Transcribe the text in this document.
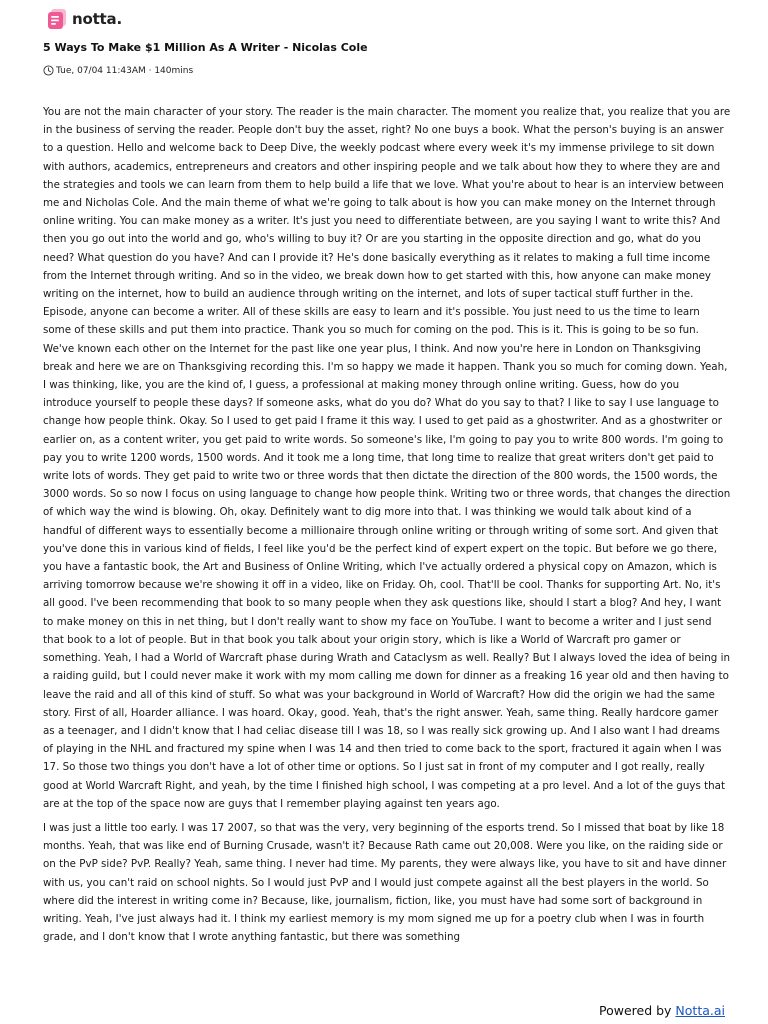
notta.
5 Ways To Make $1 Million As A Writer - Nicolas Cole
Tue, 07/04 11:43AM · 140mins

You are not the main character of your story. The reader is the main character. The moment you realize that, you realize that you are in the business of serving the reader. People don't buy the asset, right? No one buys a book. What the person's buying is an answer to a question. Hello and welcome back to Deep Dive, the weekly podcast where every week it's my immense privilege to sit down with authors, academics, entrepreneurs and creators and other inspiring people and we talk about how they to where they are and the strategies and tools we can learn from them to help build a life that we love. What you're about to hear is an interview between me and Nicholas Cole. And the main theme of what we're going to talk about is how you can make money on the Internet through online writing. You can make money as a writer. It's just you need to differentiate between, are you saying I want to write this? And then you go out into the world and go, who's willing to buy it? Or are you starting in the opposite direction and go, what do you need? What question do you have? And can I provide it? He's done basically everything as it relates to making a full time income from the Internet through writing. And so in the video, we break down how to get started with this, how anyone can make money writing on the internet, how to build an audience through writing on the internet, and lots of super tactical stuff further in the. Episode, anyone can become a writer. All of these skills are easy to learn and it's possible. You just need to us the time to learn some of these skills and put them into practice. Thank you so much for coming on the pod. This is it. This is going to be so fun. We've known each other on the Internet for the past like one year plus, I think. And now you're here in London on Thanksgiving break and here we are on Thanksgiving recording this. I'm so happy we made it happen. Thank you so much for coming down. Yeah, I was thinking, like, you are the kind of, I guess, a professional at making money through online writing. Guess, how do you introduce yourself to people these days? If someone asks, what do you do? What do you say to that? I like to say I use language to change how people think. Okay. So I used to get paid I frame it this way. I used to get paid as a ghostwriter. And as a ghostwriter or earlier on, as a content writer, you get paid to write words. So someone's like, I'm going to pay you to write 800 words. I'm going to pay you to write 1200 words, 1500 words. And it took me a long time, that long time to realize that great writers don't get paid to write lots of words. They get paid to write two or three words that then dictate the direction of the 800 words, the 1500 words, the 3000 words. So so now I focus on using language to change how people think. Writing two or three words, that changes the direction of which way the wind is blowing. Oh, okay. Definitely want to dig more into that. I was thinking we would talk about kind of a handful of different ways to essentially become a millionaire through online writing or through writing of some sort. And given that you've done this in various kind of fields, I feel like you'd be the perfect kind of expert expert on the topic. But before we go there, you have a fantastic book, the Art and Business of Online Writing, which I've actually ordered a physical copy on Amazon, which is arriving tomorrow because we're showing it off in a video, like on Friday. Oh, cool. That'll be cool. Thanks for supporting Art. No, it's all good. I've been recommending that book to so many people when they ask questions like, should I start a blog? And hey, I want to make money on this in net thing, but I don't really want to show my face on YouTube. I want to become a writer and I just send that book to a lot of people. But in that book you talk about your origin story, which is like a World of Warcraft pro gamer or something. Yeah, I had a World of Warcraft phase during Wrath and Cataclysm as well. Really? But I always loved the idea of being in a raiding guild, but I could never make it work with my mom calling me down for dinner as a freaking 16 year old and then having to leave the raid and all of this kind of stuff. So what was your background in World of Warcraft? How did the origin we had the same story. First of all, Hoarder alliance. I was hoard. Okay, good. Yeah, that's the right answer. Yeah, same thing. Really hardcore gamer as a teenager, and I didn't know that I had celiac disease till I was 18, so I was really sick growing up. And I also want I had dreams of playing in the NHL and fractured my spine when I was 14 and then tried to come back to the sport, fractured it again when I was 17. So those two things you don't have a lot of other time or options. So I just sat in front of my computer and I got really, really good at World Warcraft Right, and yeah, by the time I finished high school, I was competing at a pro level. And a lot of the guys that are at the top of the space now are guys that I remember playing against ten years ago.

I was just a little too early. I was 17 2007, so that was the very, very beginning of the esports trend. So I missed that boat by like 18 months. Yeah, that was like end of Burning Crusade, wasn't it? Because Rath came out 20,008. Were you like, on the raiding side or on the PvP side? PvP. Really? Yeah, same thing. I never had time. My parents, they were always like, you have to sit and have dinner with us, you can't raid on school nights. So I would just PvP and I would just compete against all the best players in the world. So where did the interest in writing come in? Because, like, journalism, fiction, like, you must have had some sort of background in writing. Yeah, I've just always had it. I think my earliest memory is my mom signed me up for a poetry club when I was in fourth grade, and I don't know that I wrote anything fantastic, but there was something

Powered by Notta.ai
